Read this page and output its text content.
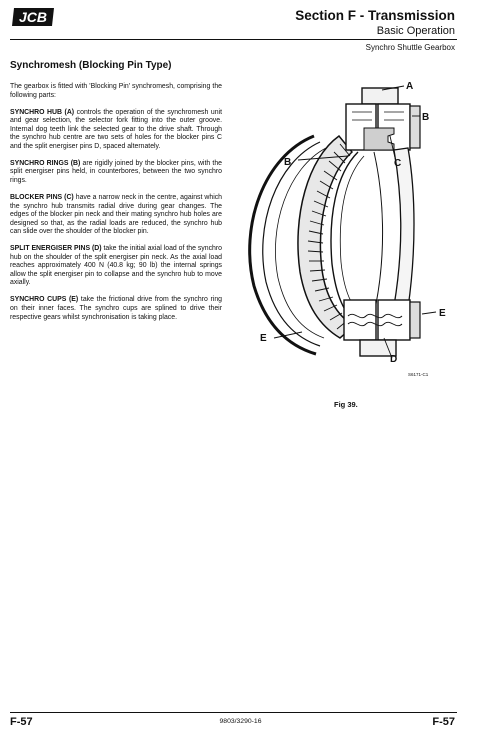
JCB	Section F - Transmission
Basic Operation
Synchro Shuttle Gearbox
Synchromesh (Blocking Pin Type)

The gearbox is fitted with 'Blocking Pin' synchromesh, comprising the following parts:

SYNCHRO HUB (A) controls the operation of the synchromesh unit and gear selection, the selector fork fitting into the outer groove. Internal dog teeth link the selected gear to the drive shaft. Through the synchro hub centre are two sets of holes for the blocker pins C and the split energiser pins D, spaced alternately.

SYNCHRO RINGS (B) are rigidly joined by the blocker pins, with the split energiser pins held, in counterbores, between the two synchro rings.

BLOCKER PINS (C) have a narrow neck in the centre, against which the synchro hub transmits radial drive during gear changes. The edges of the blocker pin neck and their mating synchro hub holes are designed so that, as the radial loads are reduced, the synchro hub can slide over the shoulder of the blocker pin.

SPLIT ENERGISER PINS (D) take the initial axial load of the synchro hub on the shoulder of the split energiser pin neck. As the axial load reaches approximately 400 N (40.8 kg; 90 lb) the internal springs allow the split energiser pin to collapse and the synchro hub to move axially.

SYNCHRO CUPS (E) take the frictional drive from the synchro ring on their inner faces. The synchro cups are splined to drive their respective gears whilst synchronisation is taking place.

A
B
B	C
E
E
D
S6171-C1
Fig 39.
F-57	9803/3290-16	F-57
